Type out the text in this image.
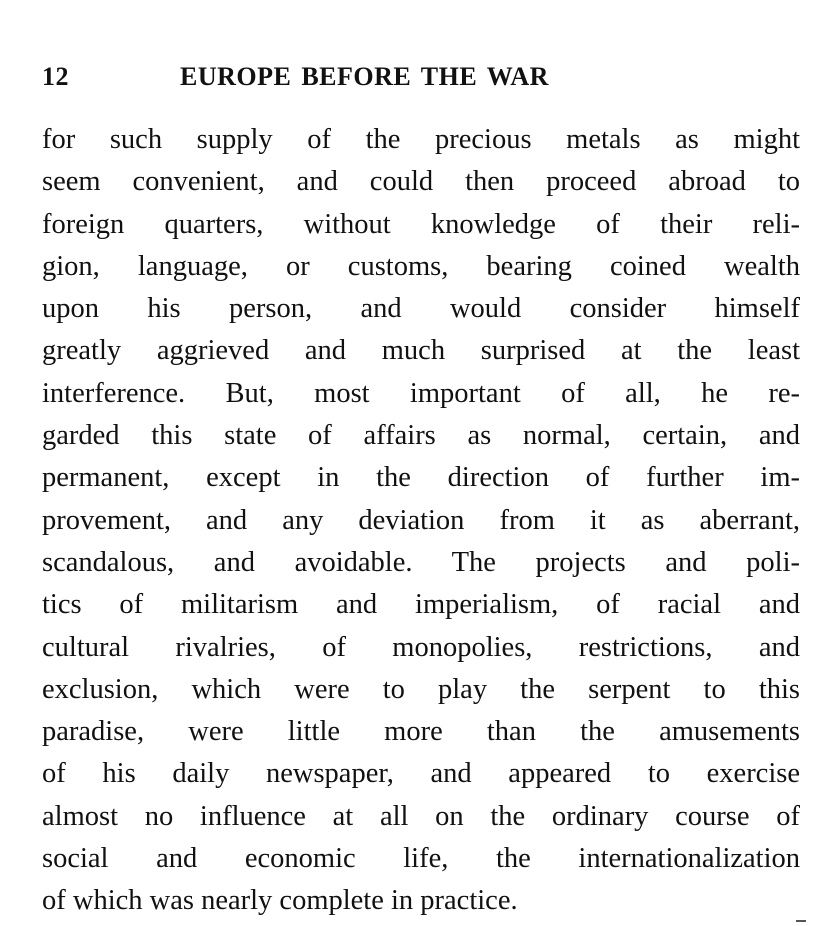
12	EUROPE BEFORE THE WAR
for such supply of the precious metals as might
seem convenient, and could then proceed abroad to
foreign quarters, without knowledge of their reli-
gion, language, or customs, bearing coined wealth
upon his person, and would consider himself
greatly aggrieved and much surprised at the least
interference. But, most important of all, he re-
garded this state of affairs as normal, certain, and
permanent, except in the direction of further im-
provement, and any deviation from it as aberrant,
scandalous, and avoidable. The projects and poli-
tics of militarism and imperialism, of racial and
cultural rivalries, of monopolies, restrictions, and
exclusion, which were to play the serpent to this
paradise, were little more than the amusements
of his daily newspaper, and appeared to exercise
almost no influence at all on the ordinary course of
social and economic life, the internationalization
of which was nearly complete in practice.
